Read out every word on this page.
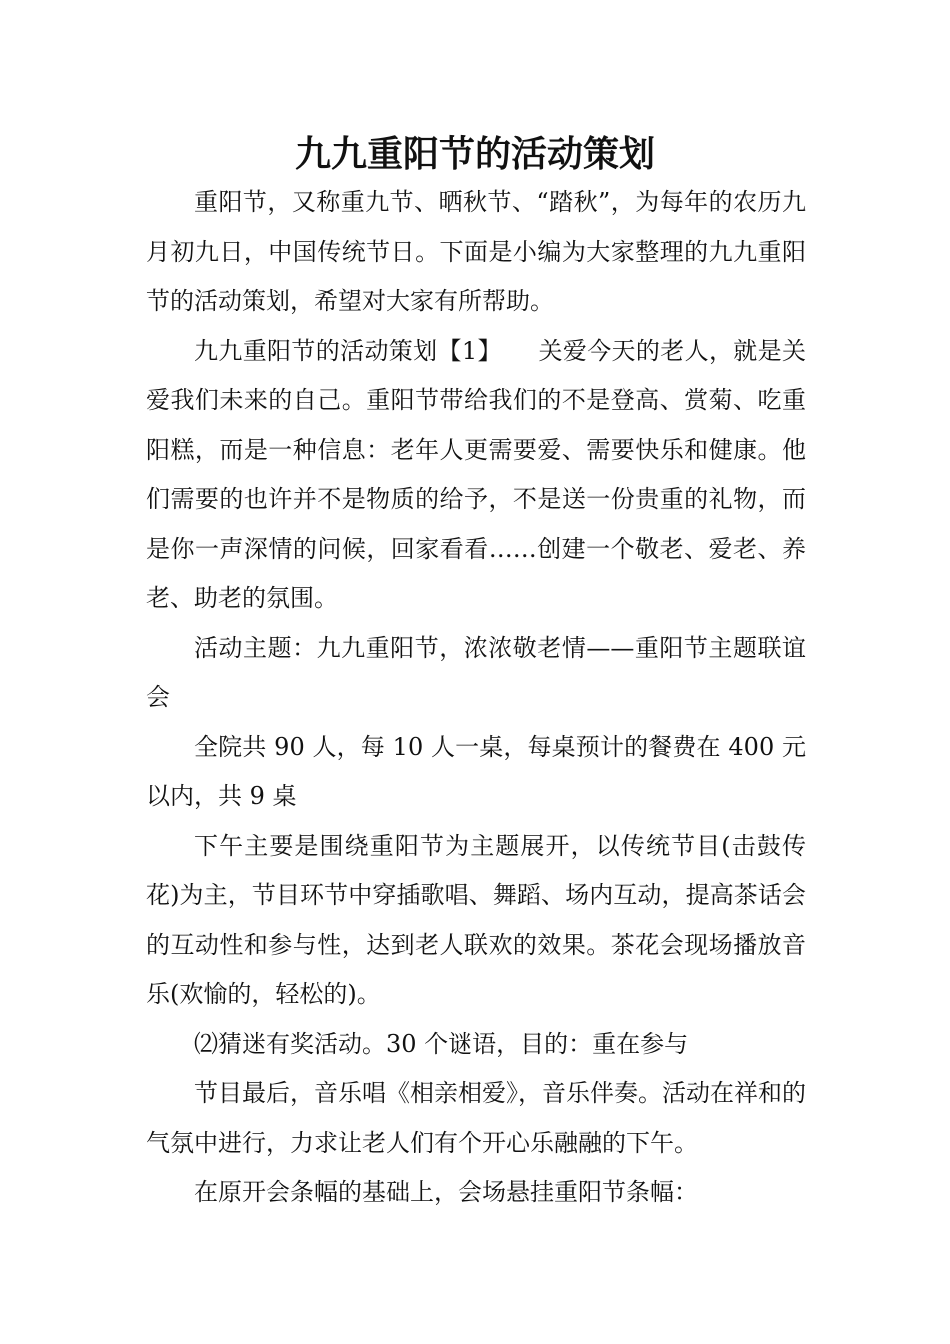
九九重阳节的活动策划

重阳节，又称重九节、晒秋节、“踏秋”，为每年的农历九月初九日，中国传统节日。下面是小编为大家整理的九九重阳节的活动策划，希望对大家有所帮助。

九九重阳节的活动策划【1】　　关爱今天的老人，就是关爱我们未来的自己。重阳节带给我们的不是登高、赏菊、吃重阳糕，而是一种信息：老年人更需要爱、需要快乐和健康。他们需要的也许并不是物质的给予，不是送一份贵重的礼物，而是你一声深情的问候，回家看看……创建一个敬老、爱老、养老、助老的氛围。

活动主题：九九重阳节，浓浓敬老情——重阳节主题联谊会

全院共 90 人，每 10 人一桌，每桌预计的餐费在 400 元以内，共 9 桌

下午主要是围绕重阳节为主题展开，以传统节目(击鼓传花)为主，节目环节中穿插歌唱、舞蹈、场内互动，提高茶话会的互动性和参与性，达到老人联欢的效果。茶花会现场播放音乐(欢愉的，轻松的)。

⑵猜迷有奖活动。30 个谜语，目的：重在参与

节目最后，音乐唱《相亲相爱》，音乐伴奏。活动在祥和的气氛中进行，力求让老人们有个开心乐融融的下午。

在原开会条幅的基础上，会场悬挂重阳节条幅：
